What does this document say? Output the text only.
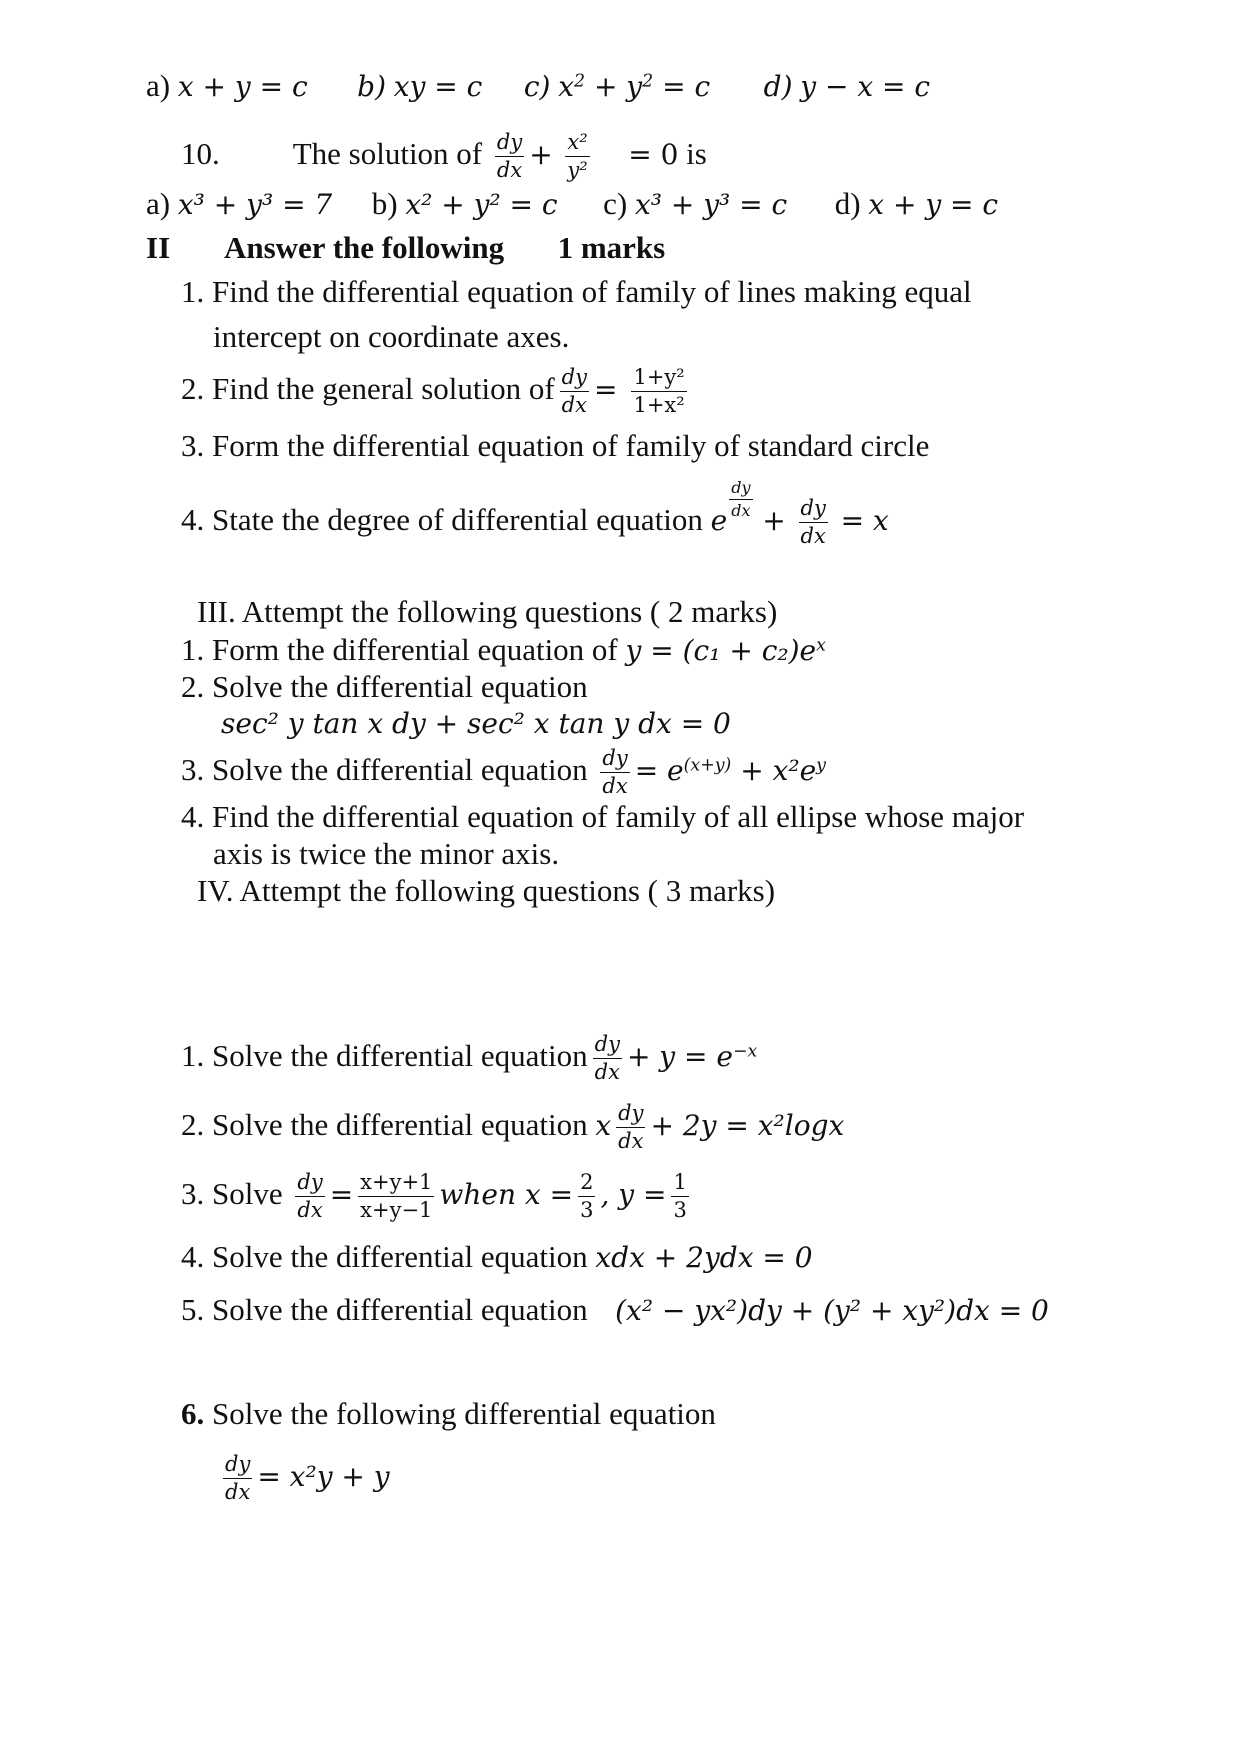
a) x + y = c b) xy = c c) $x^2 + y^2 = c$ d) y − x = c
10. The solution of $\frac{dy}{dx} + \frac{\text{x²}}{\text{y²}} = 0$ is
a) x³ + y³ = 7 b) x² + y² = c c) x³ + y³ = c d) x + y = c
II Answer the following 1 marks
1. Find the differential equation of family of lines making equal
intercept on coordinate axes.
2. Find the general solution of $\frac{dy}{dx} = \frac{\text{1+y²}}{\text{1+x²}}$
3. Form the differential equation of family of standard circle
4. State the degree of differential equation e
$\frac{dy}{dx}$
+ $\frac{dy}{dx} = x$
III. Attempt the following questions ( 2 marks)
1. Form the differential equation of $y = (c_1 + c_2)e^x$
2. Solve the differential equation
sec² y tan x dy + sec² x tan y dx = 0
3. Solve the differential equation $\frac{dy}{dx} = e^{(x+y)} + x^2e^y$
4. Find the differential equation of family of all ellipse whose major
axis is twice the minor axis.
IV. Attempt the following questions ( 3 marks)
1. Solve the differential equation $\frac{dy}{dx} + y = e^{-x}$
2. Solve the differential equation x $\frac{dy}{dx} + 2y = x^2\log x$
3. Solve $\frac{dy}{dx} = \frac{x+y+1}{x+y-1}$ when $x = \frac{2}{3}$ , $y = \frac{1}{3}$
4. Solve the differential equation xdx + 2ydx = 0
5. Solve the differential equation (x² − yx²)dy + (y² + xy²)dx = 0
6. Solve the following differential equation
$\frac{dy}{dx} = x^2y + y$
